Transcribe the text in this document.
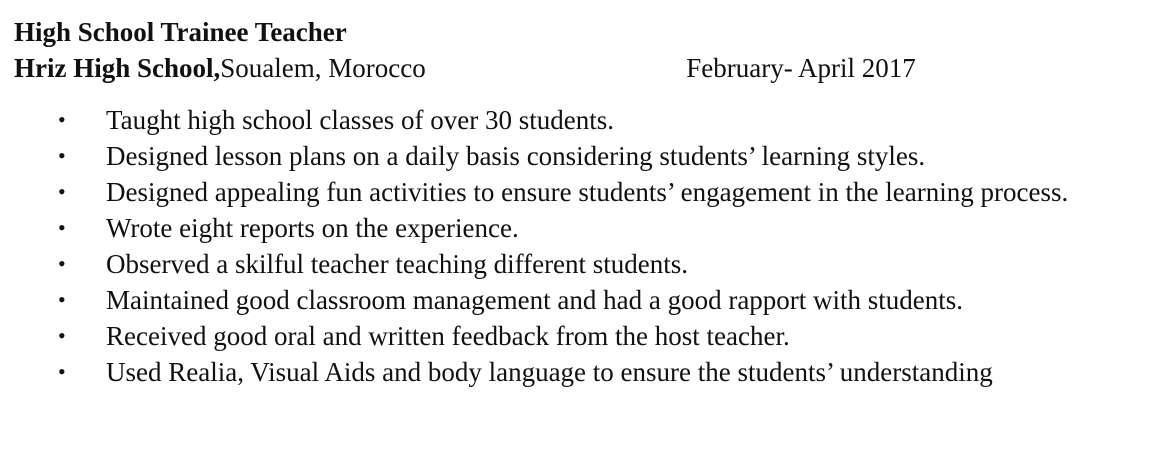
High School Trainee Teacher

Hriz High School, Soualem, Morocco	February- April 2017

• Taught high school classes of over 30 students.
• Designed lesson plans on a daily basis considering students’ learning styles.
• Designed appealing fun activities to ensure students’ engagement in the learning process.
• Wrote eight reports on the experience.
• Observed a skilful teacher teaching different students.
• Maintained good classroom management and had a good rapport with students.
• Received good oral and written feedback from the host teacher.
• Used Realia, Visual Aids and body language to ensure the students’ understanding
